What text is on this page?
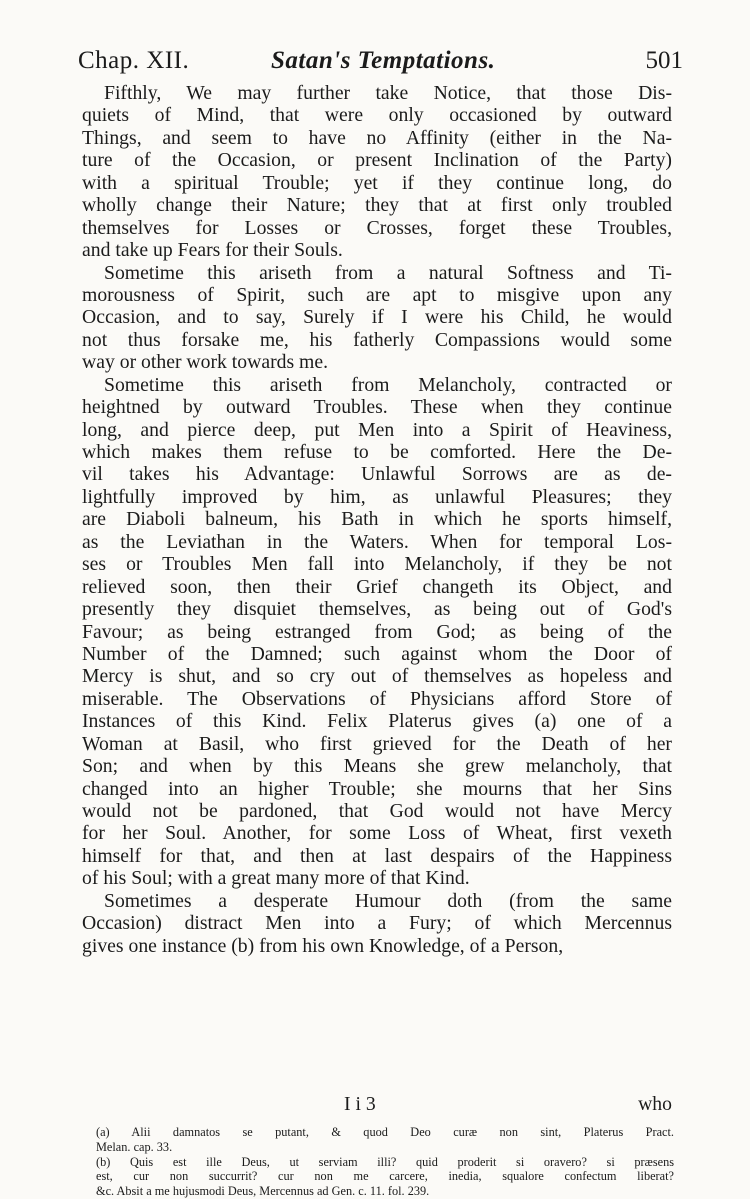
Chap. XII.	Satan's Temptations.	501
Fifthly, We may further take Notice, that those Dis-
quiets of Mind, that were only occasioned by outward
Things, and seem to have no Affinity (either in the Na-
ture of the Occasion, or present Inclination of the Party)
with a spiritual Trouble; yet if they continue long, do
wholly change their Nature; they that at first only troubled
themselves for Losses or Crosses, forget these Troubles,
and take up Fears for their Souls.
Sometime this ariseth from a natural Softness and Ti-
morousness of Spirit, such are apt to misgive upon any
Occasion, and to say, Surely if I were his Child, he would
not thus forsake me, his fatherly Compassions would some
way or other work towards me.
Sometime this ariseth from Melancholy, contracted or
heightned by outward Troubles. These when they continue
long, and pierce deep, put Men into a Spirit of Heaviness,
which makes them refuse to be comforted. Here the De-
vil takes his Advantage: Unlawful Sorrows are as de-
lightfully improved by him, as unlawful Pleasures; they
are Diaboli balneum, his Bath in which he sports himself,
as the Leviathan in the Waters. When for temporal Los-
ses or Troubles Men fall into Melancholy, if they be not
relieved soon, then their Grief changeth its Object, and
presently they disquiet themselves, as being out of God's
Favour; as being estranged from God; as being of the
Number of the Damned; such against whom the Door of
Mercy is shut, and so cry out of themselves as hopeless and
miserable. The Observations of Physicians afford Store of
Instances of this Kind. Felix Platerus gives (a) one of a
Woman at Basil, who first grieved for the Death of her
Son; and when by this Means she grew melancholy, that
changed into an higher Trouble; she mourns that her Sins
would not be pardoned, that God would not have Mercy
for her Soul. Another, for some Loss of Wheat, first vexeth
himself for that, and then at last despairs of the Happiness
of his Soul; with a great many more of that Kind.
Sometimes a desperate Humour doth (from the same
Occasion) distract Men into a Fury; of which Mercennus
gives one instance (b) from his own Knowledge, of a Person,
I i 3	who
(a) Alii damnatos se putant, & quod Deo curæ non sint, Platerus Pract.
Melan. cap. 33.
(b) Quis est ille Deus, ut serviam illi? quid proderit si oravero? si præsens
est, cur non succurrit? cur non me carcere, inedia, squalore confectum liberat?
&c. Absit a me hujusmodi Deus, Mercennus ad Gen. c. 11. fol. 239.
